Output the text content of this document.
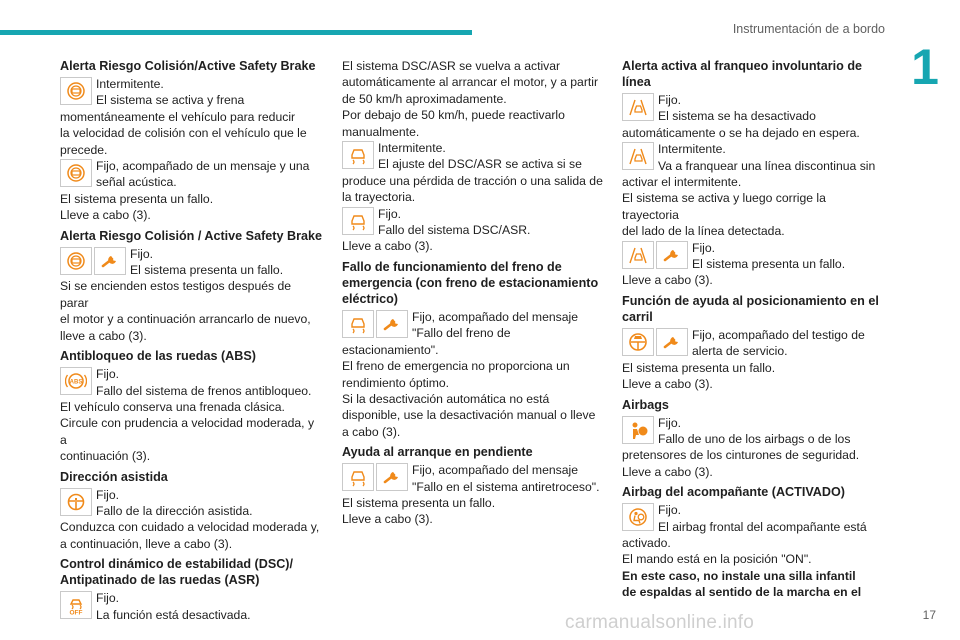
Instrumentación de a bordo
1
Alerta Riesgo Colisión/Active Safety Brake
Intermitente.
El sistema se activa y frena
momentáneamente el vehículo para reducir
la velocidad de colisión con el vehículo que le
precede.
Fijo, acompañado de un mensaje y una
señal acústica.
El sistema presenta un fallo.
Lleve a cabo (3).
Alerta Riesgo Colisión / Active Safety Brake
Fijo.
El sistema presenta un fallo.
Si se encienden estos testigos después de parar
el motor y a continuación arrancarlo de nuevo,
lleve a cabo (3).
Antibloqueo de las ruedas (ABS)
ABS
Fijo.
Fallo del sistema de frenos antibloqueo.
El vehículo conserva una frenada clásica.
Circule con prudencia a velocidad moderada, y a
continuación (3).
Dirección asistida
Fijo.
Fallo de la dirección asistida.
Conduzca con cuidado a velocidad moderada y,
a continuación, lleve a cabo (3).
Control dinámico de estabilidad (DSC)/ Antipatinado de las ruedas (ASR)
OFF
Fijo.
La función está desactivada.
El sistema DSC/ASR se vuelva a activar
automáticamente al arrancar el motor, y a partir
de 50 km/h aproximadamente.
Por debajo de 50 km/h, puede reactivarlo
manualmente.
Intermitente.
El ajuste del DSC/ASR se activa si se
produce una pérdida de tracción o una salida de
la trayectoria.
Fijo.
Fallo del sistema DSC/ASR.
Lleve a cabo (3).
Fallo de funcionamiento del freno de emergencia (con freno de estacionamiento eléctrico)
Fijo, acompañado del mensaje
"Fallo del freno de
estacionamiento".
El freno de emergencia no proporciona un
rendimiento óptimo.
Si la desactivación automática no está
disponible, use la desactivación manual o lleve
a cabo (3).
Ayuda al arranque en pendiente
Fijo, acompañado del mensaje
"Fallo en el sistema antiretroceso".
El sistema presenta un fallo.
Lleve a cabo (3).
Alerta activa al franqueo involuntario de línea
Fijo.
El sistema se ha desactivado
automáticamente o se ha dejado en espera.
Intermitente.
Va a franquear una línea discontinua sin
activar el intermitente.
El sistema se activa y luego corrige la trayectoria
del lado de la línea detectada.
Fijo.
El sistema presenta un fallo.
Lleve a cabo (3).
Función de ayuda al posicionamiento en el carril
Fijo, acompañado del testigo de
alerta de servicio.
El sistema presenta un fallo.
Lleve a cabo (3).
Airbags
Fijo.
Fallo de uno de los airbags o de los
pretensores de los cinturones de seguridad.
Lleve a cabo (3).
Airbag del acompañante (ACTIVADO)
Fijo.
El airbag frontal del acompañante está
activado.
El mando está en la posición "ON".
En este caso, no instale una silla infantil
de espaldas al sentido de la marcha en el
carmanualsonline.info	17
